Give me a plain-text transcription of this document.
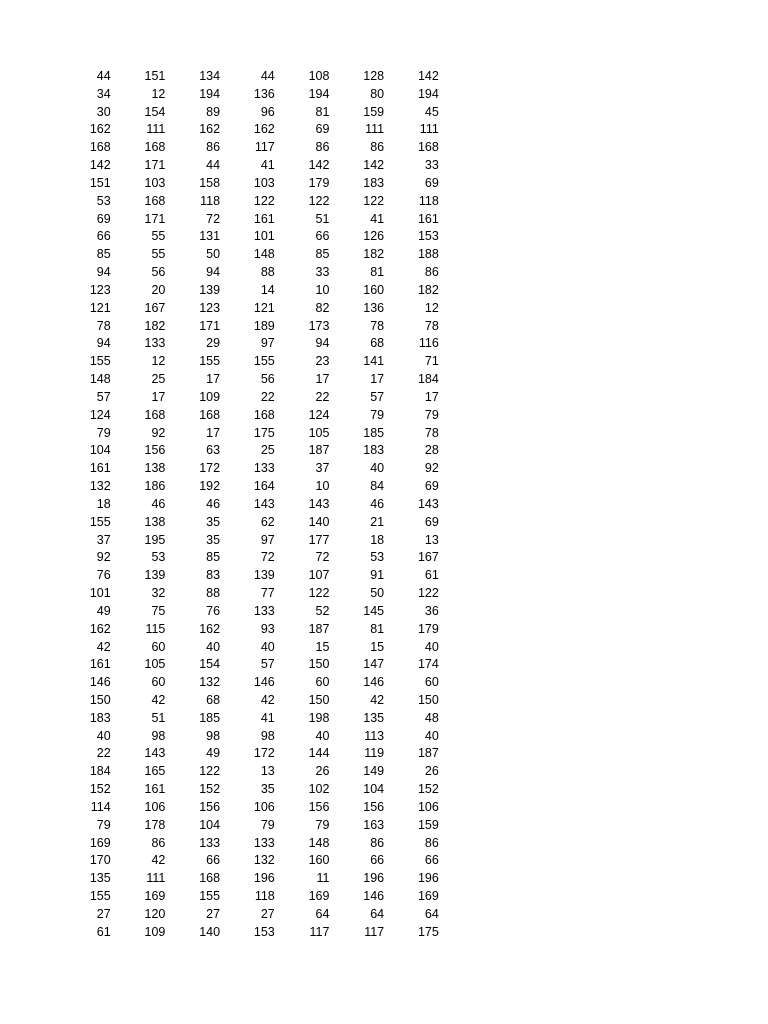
44	151	134	44	108	128	142
34	12	194	136	194	80	194
30	154	89	96	81	159	45
162	111	162	162	69	111	111
168	168	86	117	86	86	168
142	171	44	41	142	142	33
151	103	158	103	179	183	69
53	168	118	122	122	122	118
69	171	72	161	51	41	161
66	55	131	101	66	126	153
85	55	50	148	85	182	188
94	56	94	88	33	81	86
123	20	139	14	10	160	182
121	167	123	121	82	136	12
78	182	171	189	173	78	78
94	133	29	97	94	68	116
155	12	155	155	23	141	71
148	25	17	56	17	17	184
57	17	109	22	22	57	17
124	168	168	168	124	79	79
79	92	17	175	105	185	78
104	156	63	25	187	183	28
161	138	172	133	37	40	92
132	186	192	164	10	84	69
18	46	46	143	143	46	143
155	138	35	62	140	21	69
37	195	35	97	177	18	13
92	53	85	72	72	53	167
76	139	83	139	107	91	61
101	32	88	77	122	50	122
49	75	76	133	52	145	36
162	115	162	93	187	81	179
42	60	40	40	15	15	40
161	105	154	57	150	147	174
146	60	132	146	60	146	60
150	42	68	42	150	42	150
183	51	185	41	198	135	48
40	98	98	98	40	113	40
22	143	49	172	144	119	187
184	165	122	13	26	149	26
152	161	152	35	102	104	152
114	106	156	106	156	156	106
79	178	104	79	79	163	159
169	86	133	133	148	86	86
170	42	66	132	160	66	66
135	111	168	196	11	196	196
155	169	155	118	169	146	169
27	120	27	27	64	64	64
61	109	140	153	117	117	175
